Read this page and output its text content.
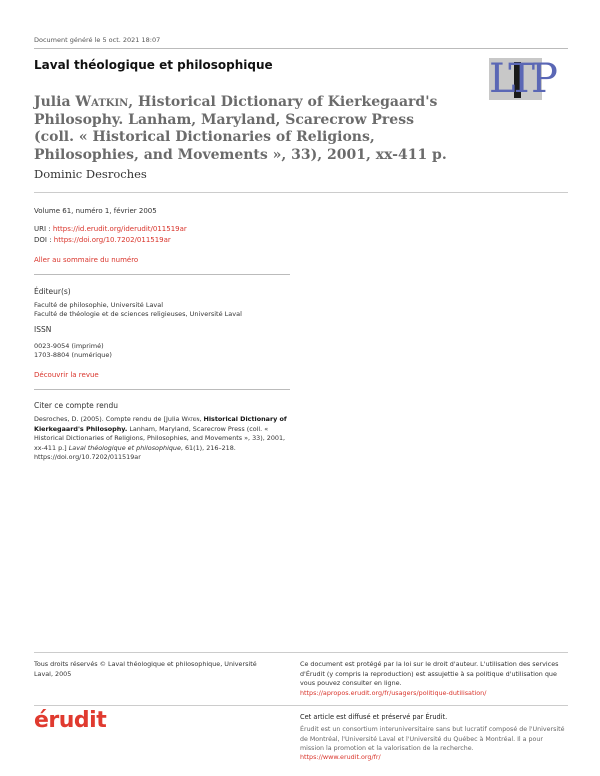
Document généré le 5 oct. 2021 18:07
Laval théologique et philosophique	LTP
Julia Watkin, Historical Dictionary of Kierkegaard's Philosophy. Lanham, Maryland, Scarecrow Press (coll. « Historical Dictionaries of Religions, Philosophies, and Movements », 33), 2001, xx-411 p.
Dominic Desroches
Volume 61, numéro 1, février 2005
URI : https://id.erudit.org/iderudit/011519ar
DOI : https://doi.org/10.7202/011519ar
Aller au sommaire du numéro
Éditeur(s)
Faculté de philosophie, Université Laval
Faculté de théologie et de sciences religieuses, Université Laval
ISSN
0023-9054 (imprimé)
1703-8804 (numérique)
Découvrir la revue
Citer ce compte rendu
Desroches, D. (2005). Compte rendu de [Julia Watkin, Historical Dictionary of Kierkegaard's Philosophy. Lanham, Maryland, Scarecrow Press (coll. « Historical Dictionaries of Religions, Philosophies, and Movements », 33), 2001, xx-411 p.] Laval théologique et philosophique, 61(1), 216–218. https://doi.org/10.7202/011519ar
Tous droits réservés © Laval théologique et philosophique, Université Laval, 2005
Ce document est protégé par la loi sur le droit d'auteur. L'utilisation des services d'Érudit (y compris la reproduction) est assujettie à sa politique d'utilisation que vous pouvez consulter en ligne.
https://apropos.erudit.org/fr/usagers/politique-dutilisation/
érudit	Cet article est diffusé et préservé par Érudit.
Érudit est un consortium interuniversitaire sans but lucratif composé de l'Université de Montréal, l'Université Laval et l'Université du Québec à Montréal. Il a pour mission la promotion et la valorisation de la recherche.
https://www.erudit.org/fr/
